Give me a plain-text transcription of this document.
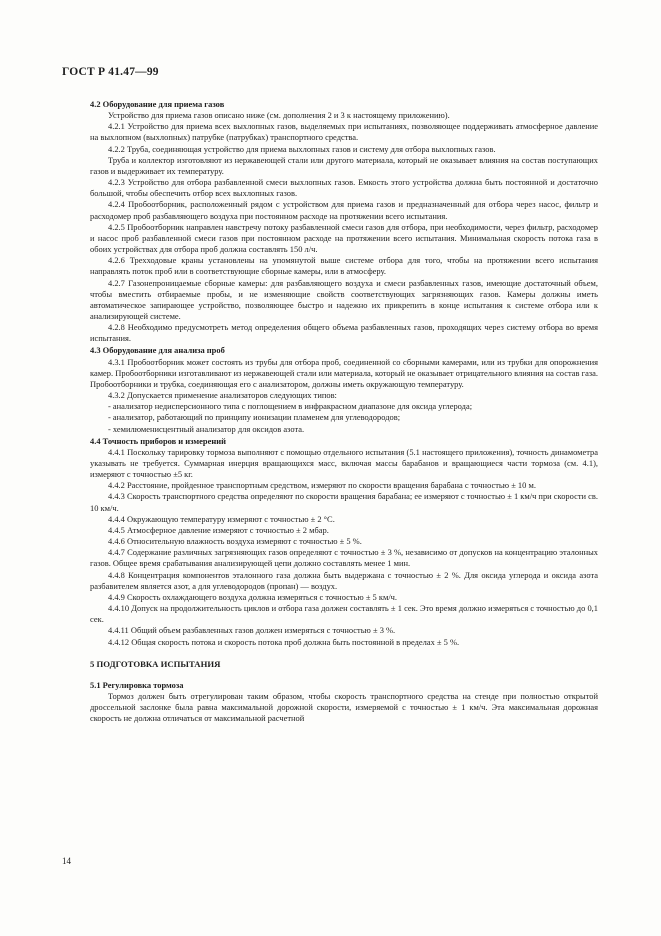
ГОСТ Р 41.47—99

4.2 Оборудование для приема газов

Устройство для приема газов описано ниже (см. дополнения 2 и 3 к настоящему приложению).

4.2.1 Устройство для приема всех выхлопных газов, выделяемых при испытаниях, позволяющее поддерживать атмосферное давление на выхлопном (выхлопных) патрубке (патрубках) транспортного средства.

4.2.2 Труба, соединяющая устройство для приема выхлопных газов и систему для отбора выхлопных газов.

Труба и коллектор изготовляют из нержавеющей стали или другого материала, который не оказывает влияния на состав поступающих газов и выдерживает их температуру.

4.2.3 Устройство для отбора разбавленной смеси выхлопных газов. Емкость этого устройства должна быть постоянной и достаточно большой, чтобы обеспечить отбор всех выхлопных газов.

4.2.4 Пробоотборник, расположенный рядом с устройством для приема газов и предназначенный для отбора через насос, фильтр и расходомер проб разбавляющего воздуха при постоянном расходе на протяжении всего испытания.

4.2.5 Пробоотборник направлен навстречу потоку разбавленной смеси газов для отбора, при необходимости, через фильтр, расходомер и насос проб разбавленной смеси газов при постоянном расходе на протяжении всего испытания. Минимальная скорость потока газа в обоих устройствах для отбора проб должна составлять 150 л/ч.

4.2.6 Трехходовые краны установлены на упомянутой выше системе отбора для того, чтобы на протяжении всего испытания направлять поток проб или в соответствующие сборные камеры, или в атмосферу.

4.2.7 Газонепроницаемые сборные камеры: для разбавляющего воздуха и смеси разбавленных газов, имеющие достаточный объем, чтобы вместить отбираемые пробы, и не изменяющие свойств соответствующих загрязняющих газов. Камеры должны иметь автоматическое запирающее устройство, позволяющее быстро и надежно их прикрепить в конце испытания к системе отбора или к анализирующей системе.

4.2.8 Необходимо предусмотреть метод определения общего объема разбавленных газов, проходящих через систему отбора во время испытания.

4.3 Оборудование для анализа проб

4.3.1 Пробоотборник может состоять из трубы для отбора проб, соединенной со сборными камерами, или из трубки для опорожнения камер. Пробоотборники изготавливают из нержавеющей стали или материала, который не оказывает отрицательного влияния на состав газа. Пробоотборники и трубка, соединяющая его с анализатором, должны иметь окружающую температуру.

4.3.2 Допускается применение анализаторов следующих типов:

- анализатор недисперсионного типа с поглощением в инфракрасном диапазоне для оксида углерода;

- анализатор, работающий по принципу ионизации пламенем для углеводородов;

- хемилюменисцентный анализатор для оксидов азота.

4.4 Точность приборов и измерений

4.4.1 Поскольку тарировку тормоза выполняют с помощью отдельного испытания (5.1 настоящего приложения), точность динамометра указывать не требуется. Суммарная инерция вращающихся масс, включая массы барабанов и вращающиеся части тормоза (см. 4.1), измеряют с точностью ±5 кг.

4.4.2 Расстояние, пройденное транспортным средством, измеряют по скорости вращения барабана с точностью ± 10 м.

4.4.3 Скорость транспортного средства определяют по скорости вращения барабана; ее измеряют с точностью ± 1 км/ч при скорости св. 10 км/ч.

4.4.4 Окружающую температуру измеряют с точностью ± 2 °С.

4.4.5 Атмосферное давление измеряют с точностью ± 2 мбар.

4.4.6 Относительную влажность воздуха измеряют с точностью ± 5 %.

4.4.7 Содержание различных загрязняющих газов определяют с точностью ± 3 %, независимо от допусков на концентрацию эталонных газов. Общее время срабатывания анализирующей цепи должно составлять менее 1 мин.

4.4.8 Концентрация компонентов эталонного газа должна быть выдержана с точностью ± 2 %. Для оксида углерода и оксида азота разбавителем является азот, а для углеводородов (пропан) — воздух.

4.4.9 Скорость охлаждающего воздуха должна измеряться с точностью ± 5 км/ч.

4.4.10 Допуск на продолжительность циклов и отбора газа должен составлять ± 1 сек. Это время должно измеряться с точностью до 0,1 сек.

4.4.11 Общий объем разбавленных газов должен измеряться с точностью ± 3 %.

4.4.12 Общая скорость потока и скорость потока проб должна быть постоянной в пределах ± 5 %.

5 ПОДГОТОВКА ИСПЫТАНИЯ

5.1 Регулировка тормоза

Тормоз должен быть отрегулирован таким образом, чтобы скорость транспортного средства на стенде при полностью открытой дроссельной заслонке была равна максимальной дорожной скорости, измеряемой с точностью ± 1 км/ч. Эта максимальная дорожная скорость не должна отличаться от максимальной расчетной

14
